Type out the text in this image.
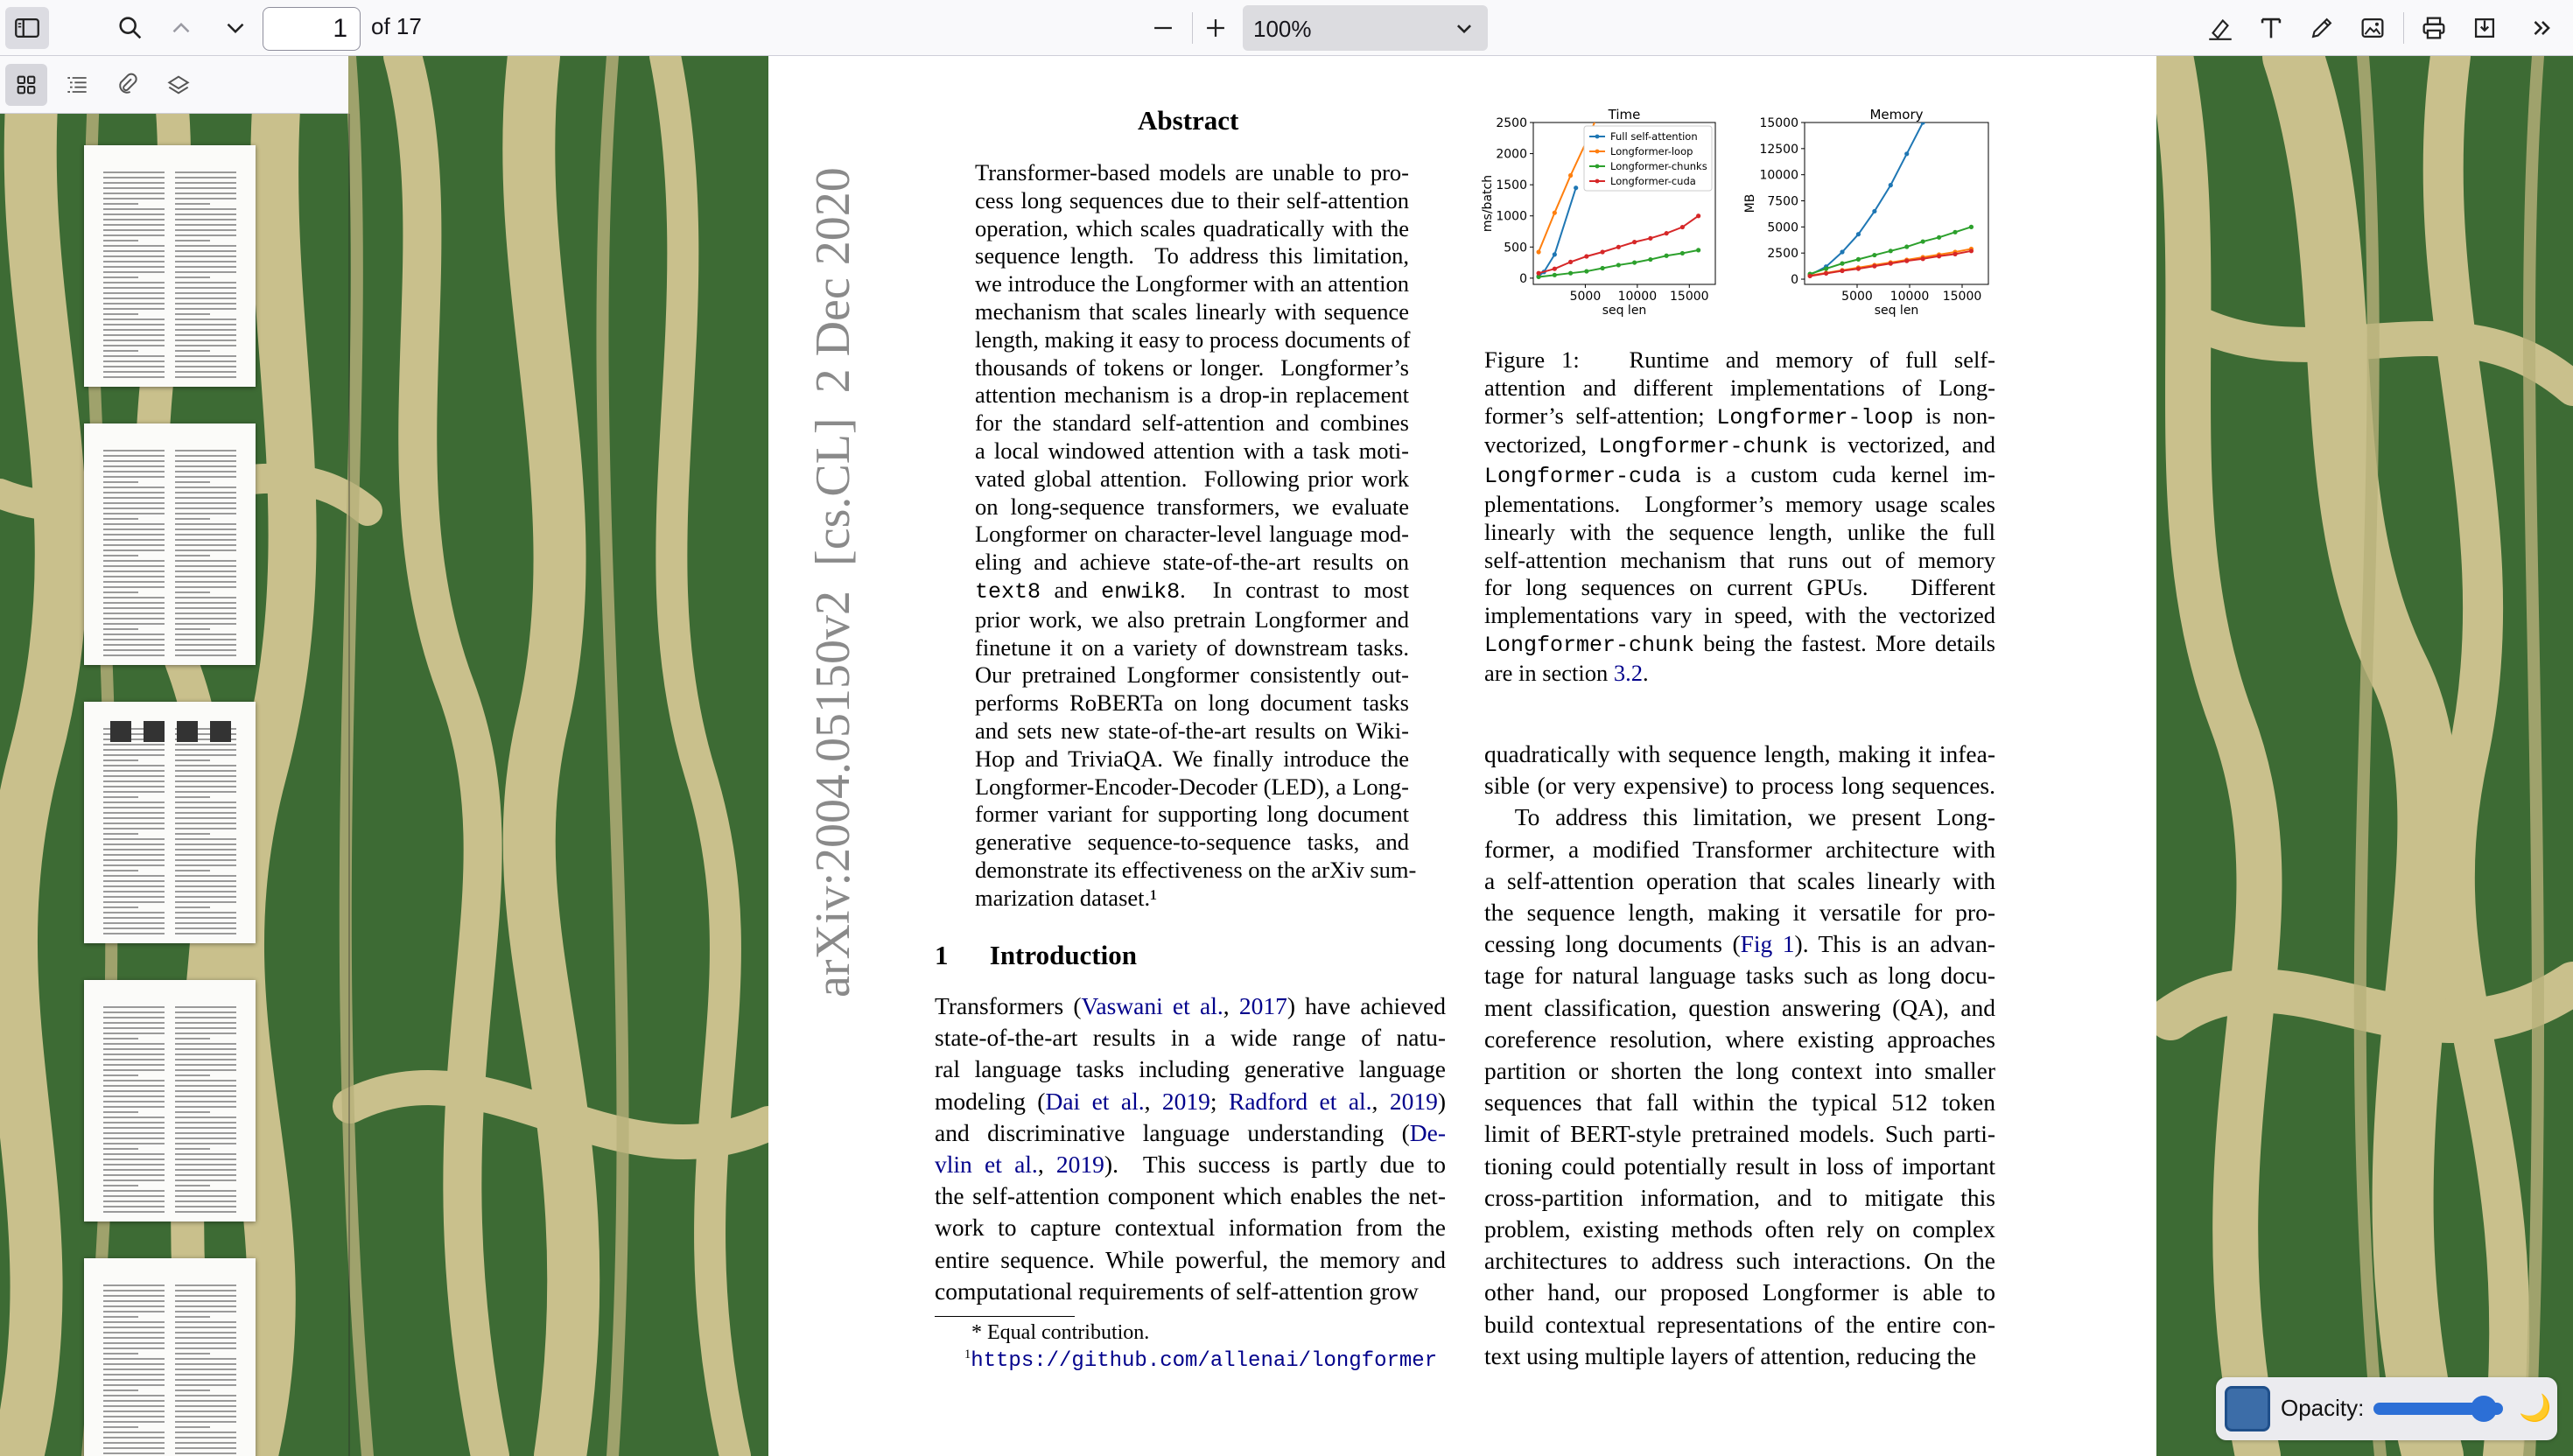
1
of 17	100%
arXiv:2004.05150v2  [cs.CL]  2 Dec 2020
Abstract
Transformer-based models are unable to pro-
cess long sequences due to their self-attention
operation, which scales quadratically with the
sequence length.  To address this limitation,
we introduce the Longformer with an attention
mechanism that scales linearly with sequence
length, making it easy to process documents of
thousands of tokens or longer.  Longformer’s
attention mechanism is a drop-in replacement
for the standard self-attention and combines
a local windowed attention with a task moti-
vated global attention.  Following prior work
on long-sequence transformers, we evaluate
Longformer on character-level language mod-
eling and achieve state-of-the-art results on
text8 and enwik8.  In contrast to most
prior work, we also pretrain Longformer and
finetune it on a variety of downstream tasks.
Our pretrained Longformer consistently out-
performs RoBERTa on long document tasks
and sets new state-of-the-art results on Wiki-
Hop and TriviaQA. We finally introduce the
Longformer-Encoder-Decoder (LED), a Long-
former variant for supporting long document
generative sequence-to-sequence tasks, and
demonstrate its effectiveness on the arXiv sum-
marization dataset.¹
1   Introduction
Transformers (Vaswani et al., 2017) have achieved
state-of-the-art results in a wide range of natu-
ral language tasks including generative language
modeling (Dai et al., 2019; Radford et al., 2019)
and discriminative language understanding (De-
vlin et al., 2019).  This success is partly due to
the self-attention component which enables the net-
work to capture contextual information from the
entire sequence. While powerful, the memory and
computational requirements of self-attention grow
* Equal contribution.
$^1$https://github.com/allenai/longformer
Time
5000 10000 15000
0
500
1000
1500
2000
2500
seq len
ms/batch
Full self-attention
Longformer-loop
Longformer-chunks
Longformer-cuda
Memory
5000 10000 15000
0
2500
5000
7500
10000
12500
15000
seq len
MB
Figure 1:   Runtime and memory of full self-
attention and different implementations of Long-
former’s self-attention; Longformer-loop is non-
vectorized, Longformer-chunk is vectorized, and
Longformer-cuda is a custom cuda kernel im-
plementations.  Longformer’s memory usage scales
linearly with the sequence length, unlike the full
self-attention mechanism that runs out of memory
for long sequences on current GPUs.   Different
implementations vary in speed, with the vectorized
Longformer-chunk being the fastest. More details
are in section 3.2.
quadratically with sequence length, making it infea-
sible (or very expensive) to process long sequences.
To address this limitation, we present Long-
former, a modified Transformer architecture with
a self-attention operation that scales linearly with
the sequence length, making it versatile for pro-
cessing long documents (Fig 1). This is an advan-
tage for natural language tasks such as long docu-
ment classification, question answering (QA), and
coreference resolution, where existing approaches
partition or shorten the long context into smaller
sequences that fall within the typical 512 token
limit of BERT-style pretrained models. Such parti-
tioning could potentially result in loss of important
cross-partition information, and to mitigate this
problem, existing methods often rely on complex
architectures to address such interactions. On the
other hand, our proposed Longformer is able to
build contextual representations of the entire con-
text using multiple layers of attention, reducing the
Opacity:	🌙
